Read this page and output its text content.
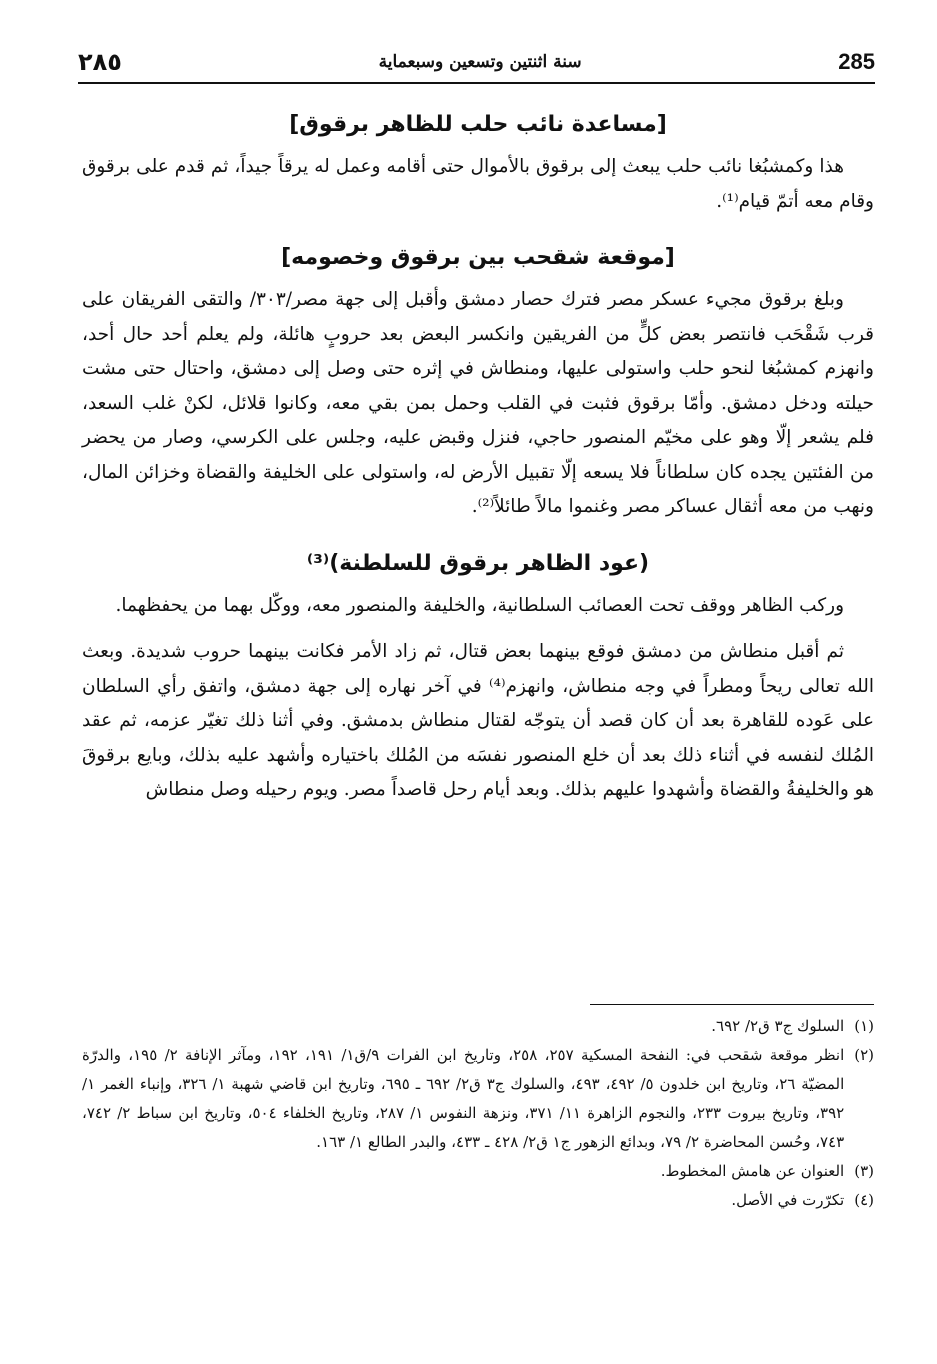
٢٨٥	سنة اثنتين وتسعين وسبعماية	285
[مساعدة نائب حلب للظاهر برقوق]

هذا وكمشبُغا نائب حلب يبعث إلى برقوق بالأموال حتى أقامه وعمل له يرقاً جيداً، ثم قدم على برقوق وقام معه أتمّ قيام⁽¹⁾.

[موقعة شقحب بين برقوق وخصومه]

وبلغ برقوق مجيء عسكر مصر فترك حصار دمشق وأقبل إلى جهة مصر/٣٠٣/ والتقى الفريقان على قرب شَقْحَب فانتصر بعض كلٍّ من الفريقين وانكسر البعض بعد حروبٍ هائلة، ولم يعلم أحد حال أحد، وانهزم كمشبُغا لنحو حلب واستولى عليها، ومنطاش في إثره حتى وصل إلى دمشق، واحتال حتى مشت حيلته ودخل دمشق. وأمّا برقوق فثبت في القلب وحمل بمن بقي معه، وكانوا قلائل، لكنْ غلب السعد، فلم يشعر إلّا وهو على مخيّم المنصور حاجي، فنزل وقبض عليه، وجلس على الكرسي، وصار من يحضر من الفئتين يجده كان سلطاناً فلا يسعه إلّا تقبيل الأرض له، واستولى على الخليفة والقضاة وخزائن المال، ونهب من معه أثقال عساكر مصر وغنموا مالاً طائلاً⁽²⁾.

(عود الظاهر برقوق للسلطنة)⁽³⁾

وركب الظاهر ووقف تحت العصائب السلطانية، والخليفة والمنصور معه، ووكّل بهما من يحفظهما.

ثم أقبل منطاش من دمشق فوقع بينهما بعض قتال، ثم زاد الأمر فكانت بينهما حروب شديدة. وبعث الله تعالى ريحاً ومطراً في وجه منطاش، وانهزم⁽⁴⁾ في آخر نهاره إلى جهة دمشق، واتفق رأي السلطان على عَوده للقاهرة بعد أن كان قصد أن يتوجّه لقتال منطاش بدمشق. وفي أثنا ذلك تغيّر عزمه، ثم عقد المُلك لنفسه في أثناء ذلك بعد أن خلع المنصور نفسَه من المُلك باختياره وأشهد عليه بذلك، وبايع برقوقَ هو والخليفةُ والقضاة وأشهدوا عليهم بذلك. وبعد أيام رحل قاصداً مصر. ويوم رحيله وصل منطاش

(١)
السلوك ج٣ ق٢/ ٦٩٢.
(٢)
انظر موقعة شقحب في: النفحة المسكية ٢٥٧، ٢٥٨، وتاريخ ابن الفرات ٩/ق١/ ١٩١، ١٩٢، ومآثر الإنافة ٢/ ١٩٥، والدرّة المضيّة ٢٦، وتاريخ ابن خلدون ٥/ ٤٩٢، ٤٩٣، والسلوك ج٣ ق٢/ ٦٩٢ ـ ٦٩٥، وتاريخ ابن قاضي شهبة ١/ ٣٢٦، وإنباء الغمر ١/ ٣٩٢، وتاريخ بيروت ٢٣٣، والنجوم الزاهرة ١١/ ٣٧١، ونزهة النفوس ١/ ٢٨٧، وتاريخ الخلفاء ٥٠٤، وتاريخ ابن سباط ٢/ ٧٤٢، ٧٤٣، وحُسن المحاضرة ٢/ ٧٩، وبدائع الزهور ج١ ق٢/ ٤٢٨ ـ ٤٣٣، والبدر الطالع ١/ ١٦٣.
(٣)
العنوان عن هامش المخطوط.
(٤)
تكرّرت في الأصل.
